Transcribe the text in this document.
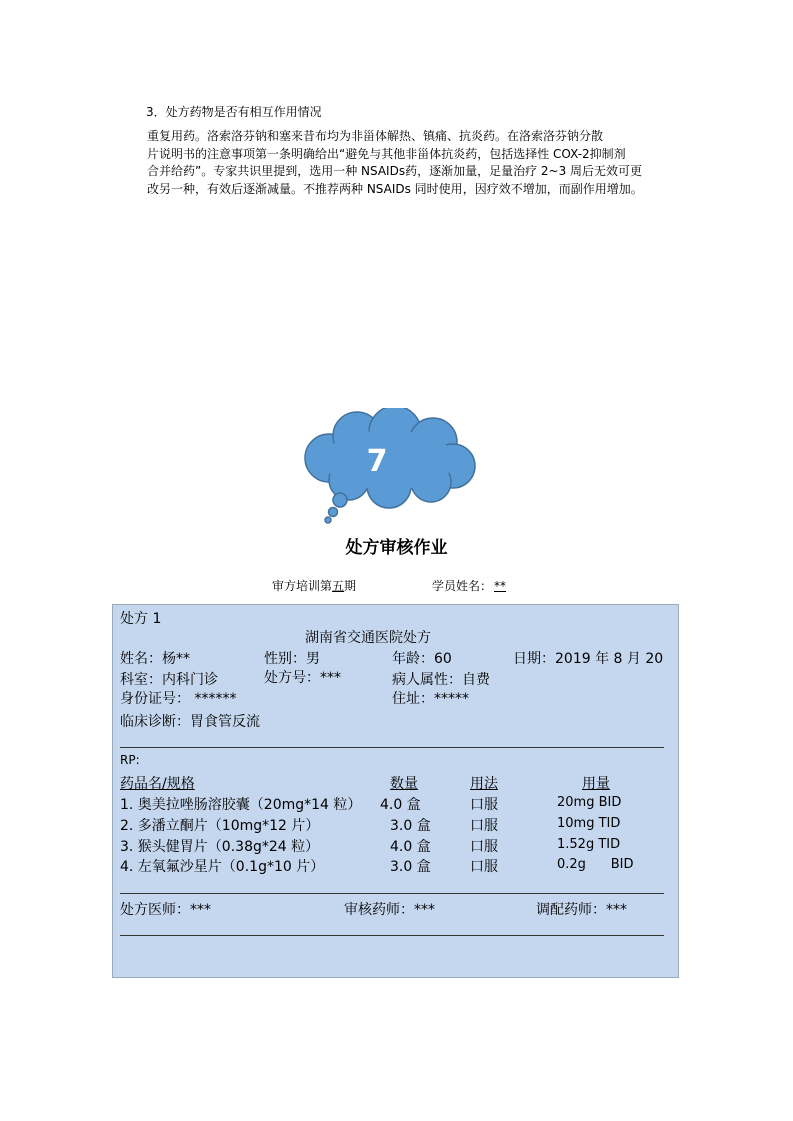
3．处方药物是否有相互作用情况
重复用药。洛索洛芬钠和塞来昔布均为非甾体解热、镇痛、抗炎药。在洛索洛芬钠分散
片说明书的注意事项第一条明确给出“避免与其他非甾体抗炎药，包括选择性 COX-2抑制剂
合并给药”。专家共识里提到，选用一种 NSAIDs药，逐渐加量，足量治疗 2~3 周后无效可更
改另一种，有效后逐渐减量。不推荐两种 NSAIDs 同时使用，因疗效不增加，而副作用增加。
7
处方审核作业
审方培训第五期	学员姓名： **
处方 1
湖南省交通医院处方
姓名：杨**	性别：男	年龄：60	日期：2019 年 8 月 20
科室：内科门诊	处方号：***	病人属性：自费
身份证号： ******	住址：*****
临床诊断：胃食管反流
RP:
药品名/规格	数量	用法	用量
1. 奥美拉唑肠溶胶囊（20mg*14 粒） 4.0 盒	口服	20mg BID
2. 多潘立酮片（10mg*12 片）	3.0 盒	口服	10mg TID
3. 猴头健胃片（0.38g*24 粒）	4.0 盒	口服	1.52g TID
4. 左氧氟沙星片（0.1g*10 片）	3.0 盒	口服	0.2g      BID
处方医师：***	审核药师：***	调配药师：***
